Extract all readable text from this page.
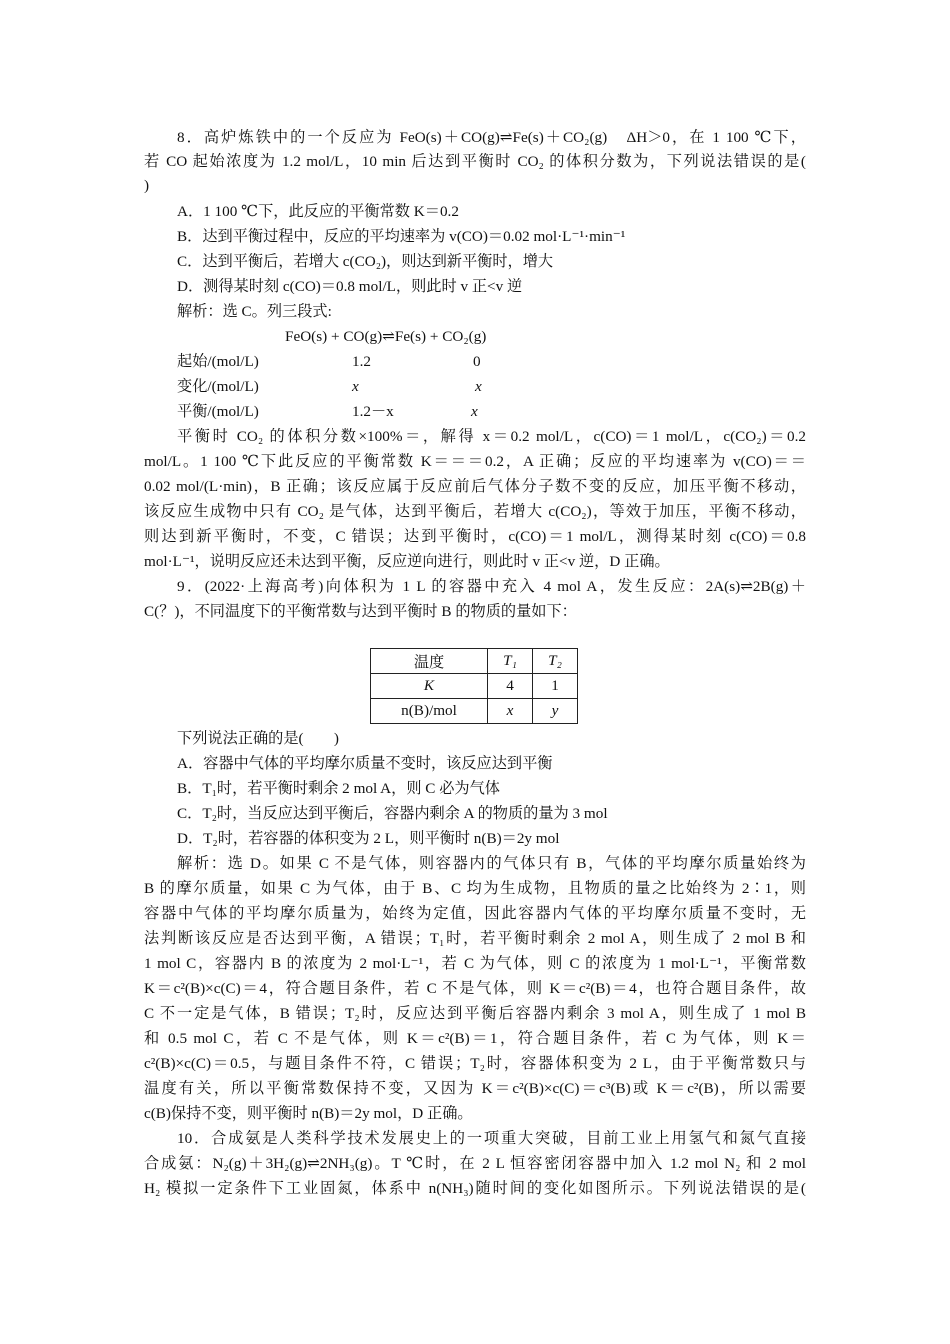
8．高炉炼铁中的一个反应为 FeO(s)＋CO(g)⇌Fe(s)＋CO₂(g)　ΔH＞0，在 1 100 ℃下，
若 CO 起始浓度为 1.2 mol/L，10 min 后达到平衡时 CO₂ 的体积分数为，下列说法错误的是(
)
A．1 100 ℃下，此反应的平衡常数 K＝0.2
B．达到平衡过程中，反应的平均速率为 v(CO)＝0.02 mol·L⁻¹·min⁻¹
C．达到平衡后，若增大 c(CO₂)，则达到新平衡时，增大
D．测得某时刻 c(CO)＝0.8 mol/L，则此时 v 正<v 逆
解析：选 C。列三段式:
FeO(s) + CO(g)⇌Fe(s) + CO₂(g)
起始/(mol/L)	1.2	0
变化/(mol/L)	x	x
平衡/(mol/L)	1.2－x	x
平衡时 CO₂ 的体积分数×100%＝，解得 x＝0.2 mol/L，c(CO)＝1 mol/L，c(CO₂)＝0.2
mol/L。1 100 ℃下此反应的平衡常数 K＝＝＝0.2，A 正确；反应的平均速率为 v(CO)＝＝
0.02 mol/(L·min)，B 正确；该反应属于反应前后气体分子数不变的反应，加压平衡不移动，
该反应生成物中只有 CO₂ 是气体，达到平衡后，若增大 c(CO₂)，等效于加压，平衡不移动，
则达到新平衡时，不变，C 错误；达到平衡时，c(CO)＝1 mol/L，测得某时刻 c(CO)＝0.8
mol·L⁻¹，说明反应还未达到平衡，反应逆向进行，则此时 v 正<v 逆，D 正确。
9．(2022·上海高考)向体积为 1 L 的容器中充入 4 mol A，发生反应：2A(s)⇌2B(g)＋
C(？)，不同温度下的平衡常数与达到平衡时 B 的物质的量如下：
温度	T₁	T₂
K	4	1
n(B)/mol	x	y
下列说法正确的是(　　)
A．容器中气体的平均摩尔质量不变时，该反应达到平衡
B．T₁时，若平衡时剩余 2 mol A，则 C 必为气体
C．T₂时，当反应达到平衡后，容器内剩余 A 的物质的量为 3 mol
D．T₂时，若容器的体积变为 2 L，则平衡时 n(B)＝2y mol
解析：选 D。如果 C 不是气体，则容器内的气体只有 B，气体的平均摩尔质量始终为
B 的摩尔质量，如果 C 为气体，由于 B、C 均为生成物，且物质的量之比始终为 2∶1，则
容器中气体的平均摩尔质量为，始终为定值，因此容器内气体的平均摩尔质量不变时，无
法判断该反应是否达到平衡，A 错误；T₁时，若平衡时剩余 2 mol A，则生成了 2 mol B 和
1 mol C，容器内 B 的浓度为 2 mol·L⁻¹，若 C 为气体，则 C 的浓度为 1 mol·L⁻¹，平衡常数
K＝c²(B)×c(C)＝4，符合题目条件，若 C 不是气体，则 K＝c²(B)＝4，也符合题目条件，故
C 不一定是气体，B 错误；T₂时，反应达到平衡后容器内剩余 3 mol A，则生成了 1 mol B
和 0.5 mol C，若 C 不是气体，则 K＝c²(B)＝1，符合题目条件，若 C 为气体，则 K＝
c²(B)×c(C)＝0.5，与题目条件不符，C 错误；T₂时，容器体积变为 2 L，由于平衡常数只与
温度有关，所以平衡常数保持不变，又因为 K＝c²(B)×c(C)＝c³(B)或 K＝c²(B)，所以需要
c(B)保持不变，则平衡时 n(B)＝2y mol，D 正确。
10．合成氨是人类科学技术发展史上的一项重大突破，目前工业上用氢气和氮气直接
合成氨：N₂(g)＋3H₂(g)⇌2NH₃(g)。T ℃时，在 2 L 恒容密闭容器中加入 1.2 mol N₂ 和 2 mol
H₂ 模拟一定条件下工业固氮，体系中 n(NH₃)随时间的变化如图所示。下列说法错误的是(
